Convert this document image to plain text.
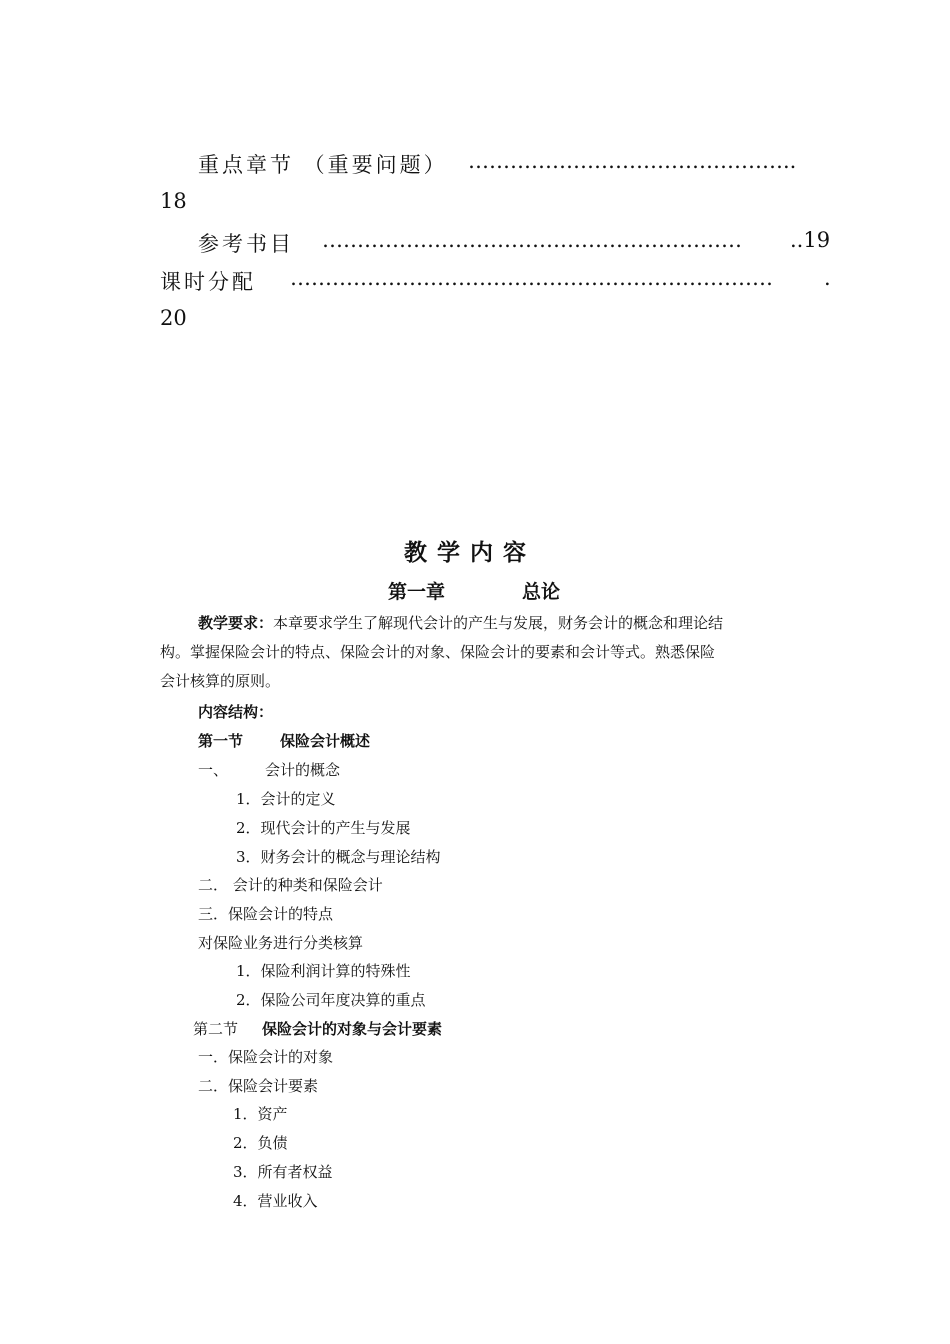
重点章节 （重要问题） ………………………………………..
18
参考书目 …………………………………………………… ..19
课时分配 …………………………………………………………… .
20
教学内容
第一章	总论
教学要求：本章要求学生了解现代会计的产生与发展，财务会计的概念和理论结
构。掌握保险会计的特点、保险会计的对象、保险会计的要素和会计等式。熟悉保险
会计核算的原则。
内容结构：
第一节 保险会计概述
一、 会计的概念
1．会计的定义
2．现代会计的产生与发展
3．财务会计的概念与理论结构
二． 会计的种类和保险会计
三．保险会计的特点
对保险业务进行分类核算
1．保险利润计算的特殊性
2．保险公司年度决算的重点
第二节 保险会计的对象与会计要素
一．保险会计的对象
二．保险会计要素
1．资产
2．负债
3．所有者权益
4．营业收入
